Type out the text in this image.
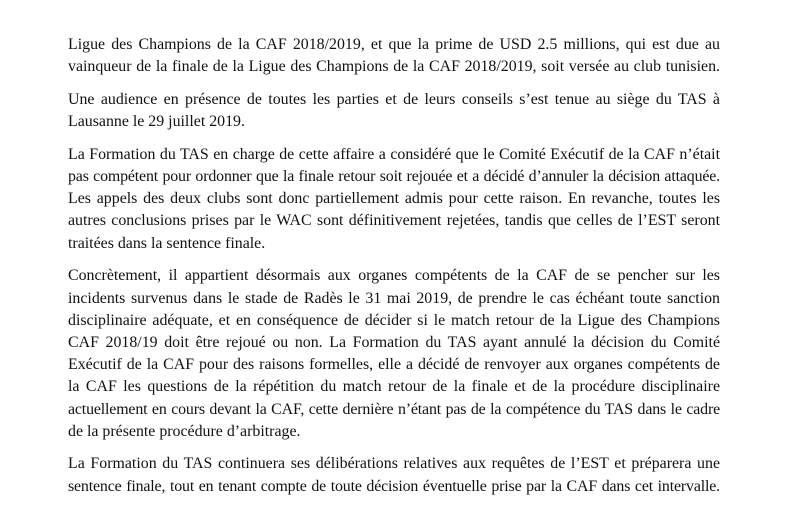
Ligue des Champions de la CAF 2018/2019, et que la prime de USD 2.5 millions, qui est due au
vainqueur de la finale de la Ligue des Champions de la CAF 2018/2019, soit versée au club tunisien.

Une audience en présence de toutes les parties et de leurs conseils s’est tenue au siège du TAS à
Lausanne le 29 juillet 2019.

La Formation du TAS en charge de cette affaire a considéré que le Comité Exécutif de la CAF n’était
pas compétent pour ordonner que la finale retour soit rejouée et a décidé d’annuler la décision attaquée.
Les appels des deux clubs sont donc partiellement admis pour cette raison. En revanche, toutes les
autres conclusions prises par le WAC sont définitivement rejetées, tandis que celles de l’EST seront
traitées dans la sentence finale.

Concrètement, il appartient désormais aux organes compétents de la CAF de se pencher sur les
incidents survenus dans le stade de Radès le 31 mai 2019, de prendre le cas échéant toute sanction
disciplinaire adéquate, et en conséquence de décider si le match retour de la Ligue des Champions
CAF 2018/19 doit être rejoué ou non. La Formation du TAS ayant annulé la décision du Comité
Exécutif de la CAF pour des raisons formelles, elle a décidé de renvoyer aux organes compétents de
la CAF les questions de la répétition du match retour de la finale et de la procédure disciplinaire
actuellement en cours devant la CAF, cette dernière n’étant pas de la compétence du TAS dans le cadre
de la présente procédure d’arbitrage.

La Formation du TAS continuera ses délibérations relatives aux requêtes de l’EST et préparera une
sentence finale, tout en tenant compte de toute décision éventuelle prise par la CAF dans cet intervalle.
